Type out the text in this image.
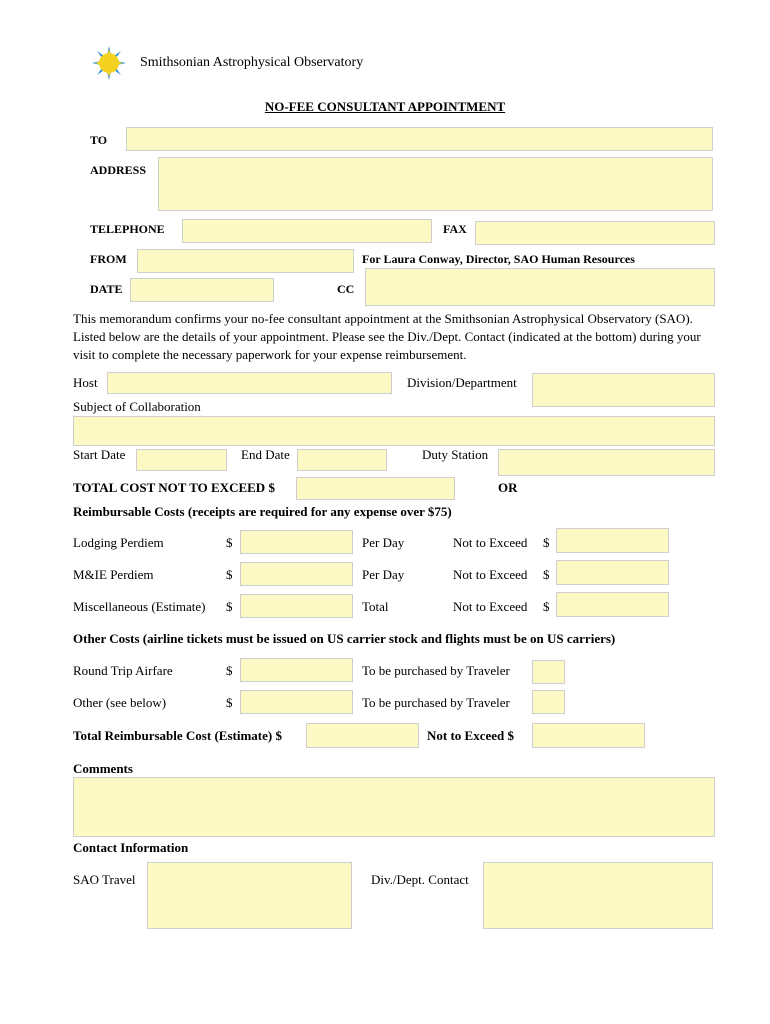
Smithsonian Astrophysical Observatory
NO-FEE CONSULTANT APPOINTMENT
TO
ADDRESS
TELEPHONE	FAX
FROM	For Laura Conway, Director, SAO Human Resources
DATE	CC
This memorandum confirms your no-fee consultant appointment at the Smithsonian Astrophysical Observatory (SAO). Listed below are the details of your appointment. Please see the Div./Dept. Contact (indicated at the bottom) during your visit to complete the necessary paperwork for your expense reimbursement.
Host	Division/Department
Subject of Collaboration
Start Date	End Date	Duty Station
TOTAL COST NOT TO EXCEED $	OR
Reimbursable Costs (receipts are required for any expense over $75)
Lodging Perdiem	$	Per Day	Not to Exceed $
M&IE Perdiem	$	Per Day	Not to Exceed $
Miscellaneous (Estimate) $	Total	Not to Exceed $
Other Costs (airline tickets must be issued on US carrier stock and flights must be on US carriers)
Round Trip Airfare	$	To be purchased by Traveler
Other (see below)	$	To be purchased by Traveler
Total Reimbursable Cost (Estimate) $	Not to Exceed $
Comments
Contact Information
SAO Travel	Div./Dept. Contact
